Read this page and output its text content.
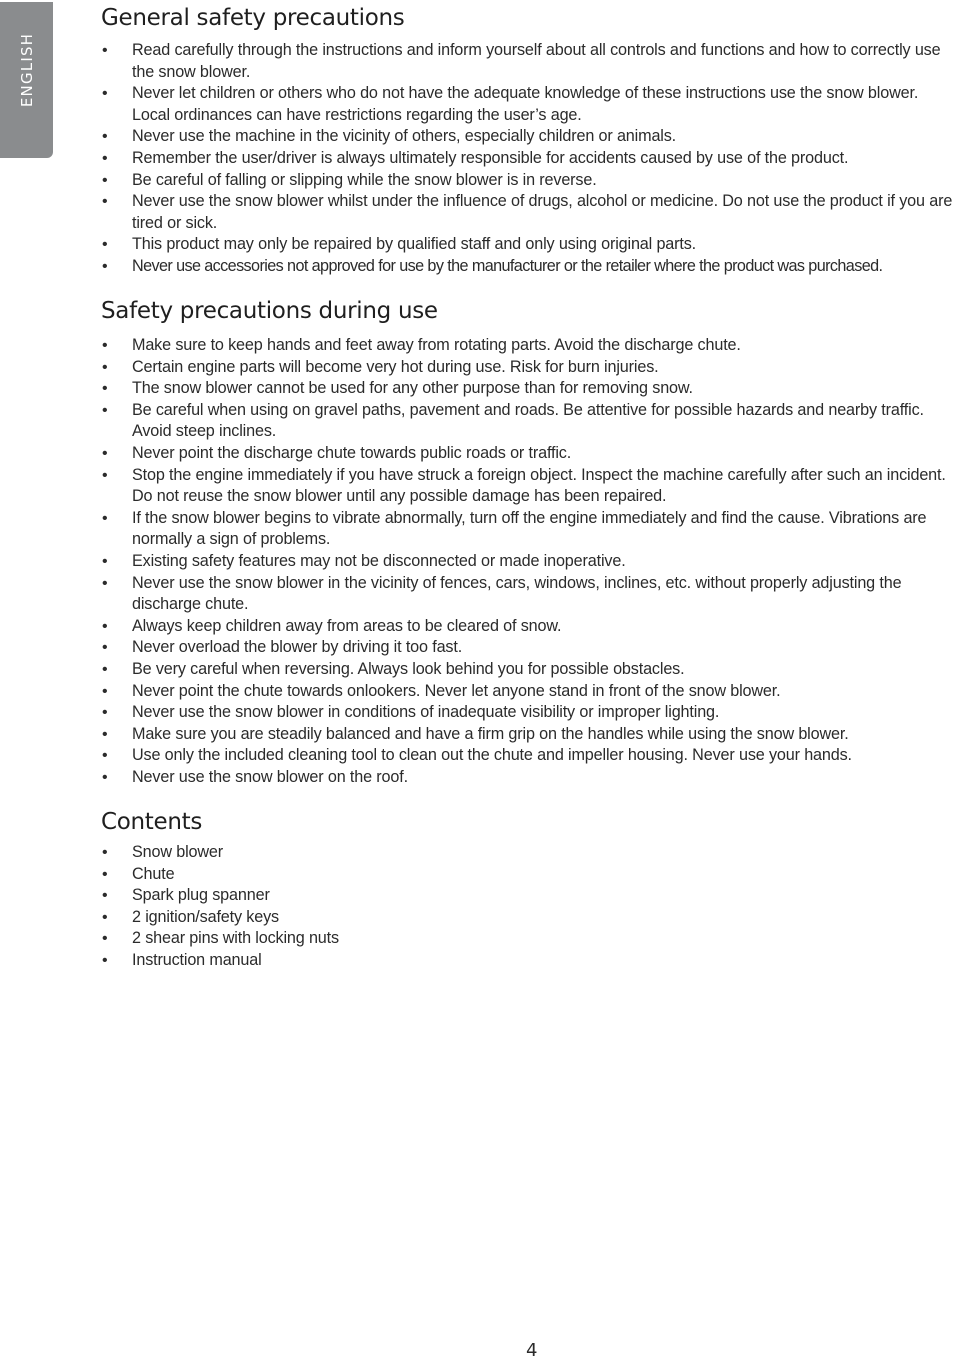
ENGLISH
General safety precautions
• Read carefully through the instructions and inform yourself about all controls and functions and how to correctly use the snow blower.
• Never let children or others who do not have the adequate knowledge of these instructions use the snow blower. Local ordinances can have restrictions regarding the user’s age.
• Never use the machine in the vicinity of others, especially children or animals.
• Remember the user/driver is always ultimately responsible for accidents caused by use of the product.
• Be careful of falling or slipping while the snow blower is in reverse.
• Never use the snow blower whilst under the influence of drugs, alcohol or medicine. Do not use the product if you are tired or sick.
• This product may only be repaired by qualified staff and only using original parts.
• Never use accessories not approved for use by the manufacturer or the retailer where the product was purchased.
Safety precautions during use
• Make sure to keep hands and feet away from rotating parts. Avoid the discharge chute.
• Certain engine parts will become very hot during use. Risk for burn injuries.
• The snow blower cannot be used for any other purpose than for removing snow.
• Be careful when using on gravel paths, pavement and roads. Be attentive for possible hazards and nearby traffic. Avoid steep inclines.
• Never point the discharge chute towards public roads or traffic.
• Stop the engine immediately if you have struck a foreign object. Inspect the machine carefully after such an incident. Do not reuse the snow blower until any possible damage has been repaired.
• If the snow blower begins to vibrate abnormally, turn off the engine immediately and find the cause. Vibrations are normally a sign of problems.
• Existing safety features may not be disconnected or made inoperative.
• Never use the snow blower in the vicinity of fences, cars, windows, inclines, etc. without properly adjusting the discharge chute.
• Always keep children away from areas to be cleared of snow.
• Never overload the blower by driving it too fast.
• Be very careful when reversing. Always look behind you for possible obstacles.
• Never point the chute towards onlookers. Never let anyone stand in front of the snow blower.
• Never use the snow blower in conditions of inadequate visibility or improper lighting.
• Make sure you are steadily balanced and have a firm grip on the handles while using the snow blower.
• Use only the included cleaning tool to clean out the chute and impeller housing. Never use your hands.
• Never use the snow blower on the roof.
Contents
• Snow blower
• Chute
• Spark plug spanner
• 2 ignition/safety keys
• 2 shear pins with locking nuts
• Instruction manual
4
